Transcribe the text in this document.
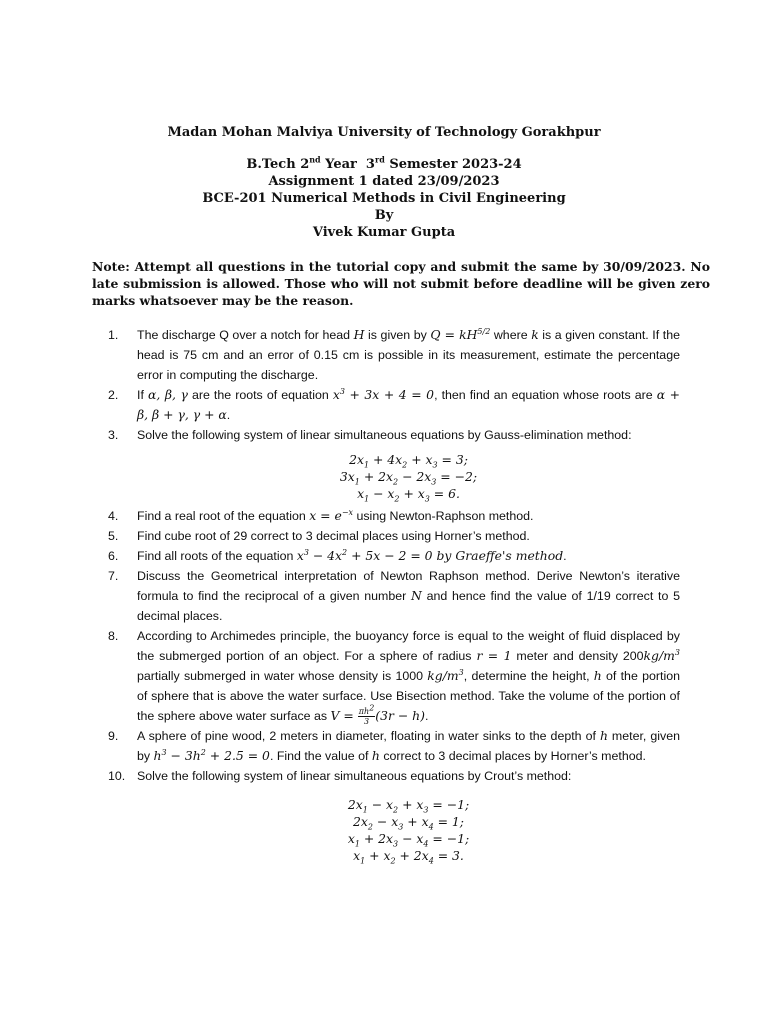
Madan Mohan Malviya University of Technology Gorakhpur
B.Tech 2nd Year  3rd Semester 2023-24
Assignment 1 dated 23/09/2023
BCE-201 Numerical Methods in Civil Engineering
By
Vivek Kumar Gupta
Note: Attempt all questions in the tutorial copy and submit the same by 30/09/2023. No late submission is allowed. Those who will not submit before deadline will be given zero marks whatsoever may be the reason.
1.	The discharge Q over a notch for head H is given by $Q = kH^{5/2}$ where k is a given constant. If the head is 75 cm and an error of 0.15 cm is possible in its measurement, estimate the percentage error in computing the discharge.
2.	If α, β, γ are the roots of equation $x^3 + 3x + 4 = 0$, then find an equation whose roots are α + β, β + γ, γ + α.
3.	Solve the following system of linear simultaneous equations by Gauss-elimination method:
$2x_1 + 4x_2 + x_3 = 3$;
$3x_1 + 2x_2 - 2x_3 = -2$;
$x_1 - x_2 + x_3 = 6$.
4.	Find a real root of the equation $x = e^{-x}$ using Newton-Raphson method.
5.	Find cube root of 29 correct to 3 decimal places using Horner’s method.
6.	Find all roots of the equation $x^3 - 4x^2 + 5x - 2 = 0$ by Graeffe's method.
7.	Discuss the Geometrical interpretation of Newton Raphson method. Derive Newton’s iterative formula to find the reciprocal of a given number N and hence find the value of 1/19 correct to 5 decimal places.
8.	According to Archimedes principle, the buoyancy force is equal to the weight of fluid displaced by the submerged portion of an object. For a sphere of radius r = 1 meter and density $200kg/m^3$ partially submerged in water whose density is 1000 $kg/m^3$, determine the height, h of the portion of sphere that is above the water surface. Use Bisection method. Take the volume of the portion of the sphere above water surface as $V = \frac{\pi h^2}{3} (3r - h)$.
9.	A sphere of pine wood, 2 meters in diameter, floating in water sinks to the depth of h meter, given by $h^3 - 3h^2 + 2.5 = 0$. Find the value of h correct to 3 decimal places by Horner’s method.
10. Solve the following system of linear simultaneous equations by Crout’s method:
$2x_1 - x_2 + x_3 = -1$;
$2x_2 - x_3 + x_4 = 1$;
$x_1 + 2x_3 - x_4 = -1$;
$x_1 + x_2 + 2x_4 = 3$.
